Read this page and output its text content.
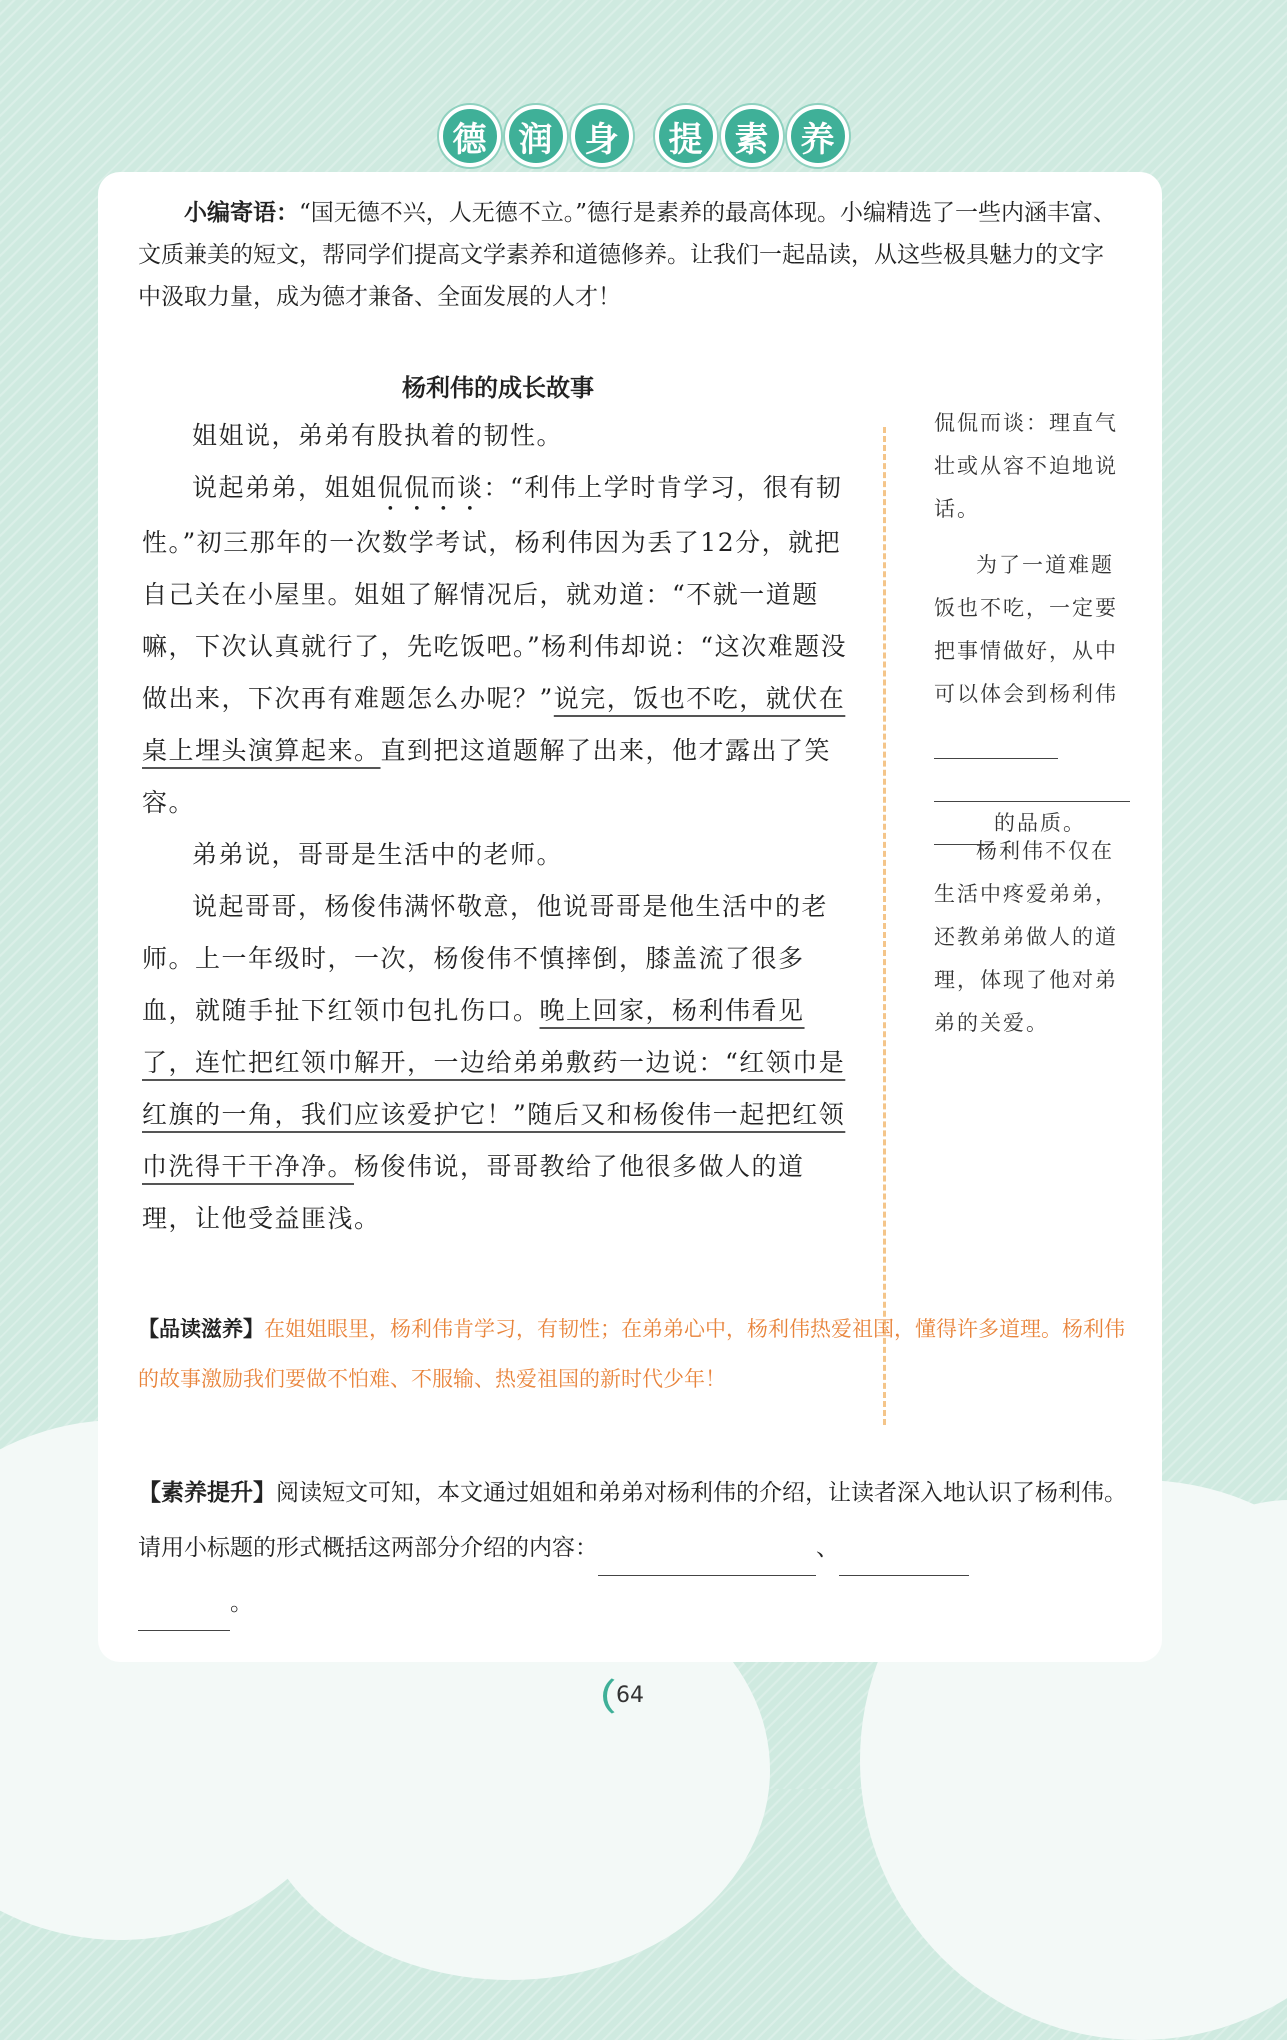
德 润 身	提 素 养

小编寄语：“国无德不兴，人无德不立。”德行是素养的最高体现。小编精选了一些内涵丰富、文质兼美的短文，帮同学们提高文学素养和道德修养。让我们一起品读，从这些极具魅力的文字中汲取力量，成为德才兼备、全面发展的人才！

杨利伟的成长故事

姐姐说，弟弟有股执着的韧性。

说起弟弟，姐姐侃侃而谈：“利伟上学时肯学习，很有韧性。”初三那年的一次数学考试，杨利伟因为丢了12分，就把自己关在小屋里。姐姐了解情况后，就劝道：“不就一道题嘛，下次认真就行了，先吃饭吧。”杨利伟却说：“这次难题没做出来，下次再有难题怎么办呢？”说完，饭也不吃，就伏在桌上埋头演算起来。直到把这道题解了出来，他才露出了笑容。

弟弟说，哥哥是生活中的老师。

说起哥哥，杨俊伟满怀敬意，他说哥哥是他生活中的老师。上一年级时，一次，杨俊伟不慎摔倒，膝盖流了很多血，就随手扯下红领巾包扎伤口。晚上回家，杨利伟看见了，连忙把红领巾解开，一边给弟弟敷药一边说：“红领巾是红旗的一角，我们应该爱护它！”随后又和杨俊伟一起把红领巾洗得干干净净。杨俊伟说，哥哥教给了他很多做人的道理，让他受益匪浅。

侃侃而谈：理直气壮或从容不迫地说话。

为了一道难题饭也不吃，一定要把事情做好，从中可以体会到杨利伟

的品质。

杨利伟不仅在生活中疼爱弟弟，还教弟弟做人的道理，体现了他对弟弟的关爱。

【品读滋养】在姐姐眼里，杨利伟肯学习，有韧性；在弟弟心中，杨利伟热爱祖国，懂得许多道理。杨利伟的故事激励我们要做不怕难、不服输、热爱祖国的新时代少年！

【素养提升】阅读短文可知，本文通过姐姐和弟弟对杨利伟的介绍，让读者深入地认识了杨利伟。请用小标题的形式概括这两部分介绍的内容：	、
。

64
